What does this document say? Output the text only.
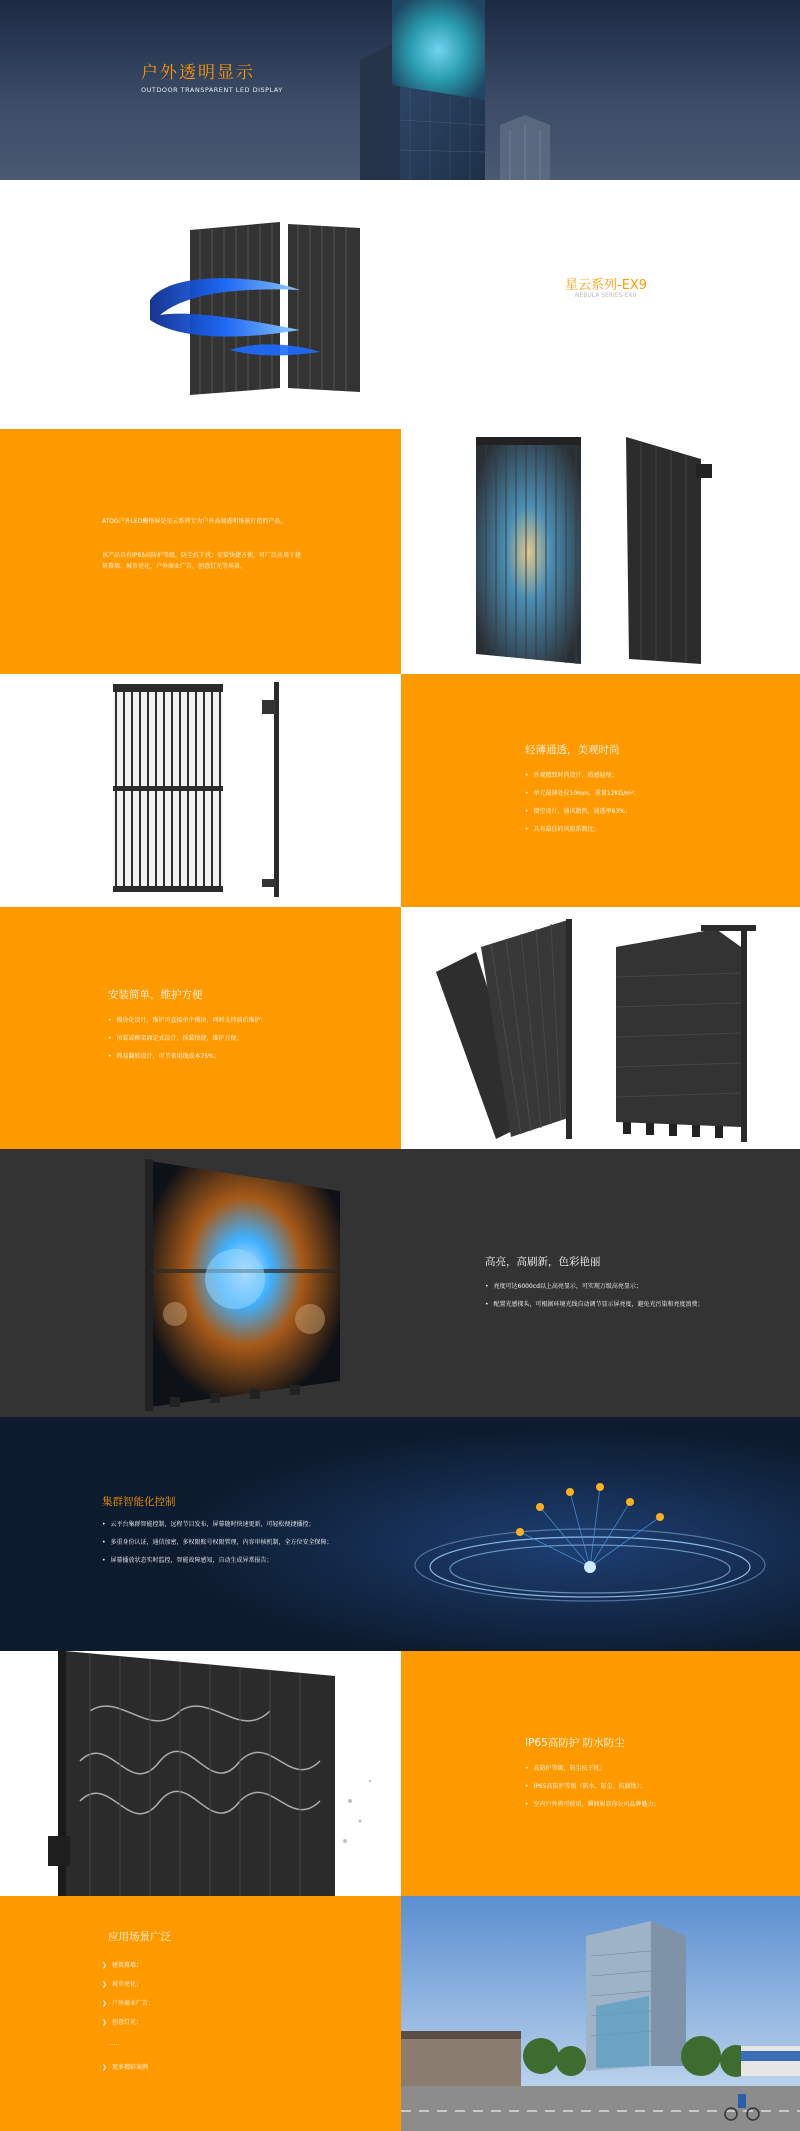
户外透明显示
OUTDOOR TRANSPARENT LED DISPLAY
星云系列-EX9
NEBULA SERIES-EX9

ATOG户外LED栅格屏是星云系列专为户外高端透明场景打造的产品。

该产品具有IP65高防护等级，防尘抗干扰；安装快捷方便，可广泛应用于建筑幕墙、城市亮化、户外商业广告、创意灯光等场景。

轻薄通透，美观时尚
• 外观精致时尚设计，质感轻便；
• 单元最薄处仅10mm，重量12KG/m²；
• 镂空设计，通风散热，通透率63%；
• 具有最佳的风阻系数比；
安装简单，维护方便
• 模块化设计，维护可直接单个模块，同时支持前后维护；
• 吊装或框架固定式设计，拆装快捷，维护方便；
• 简易翻转设计，可节省用线成本75%；
高亮，高刷新，色彩艳丽
• 亮度可达6000cd以上高亮显示，可实现万级高亮显示；
• 配置光感探头，可根据环境光线自动调节显示屏亮度，避免光污染和亮度浪费；
集群智能化控制
• 云平台集群智能控制，远程节目发布，屏幕随时快速更新，可轻松便捷播控；
• 多重身份认证，通信加密，多权限账号权限管理，内容审核机制，全方位安全保障；
• 屏幕播放状态实时监控，智能故障感知，自动生成异常报告；
IP65高防护 防水防尘
• 高防护等级，防尘抗干扰；
• IP65高防护等级（防水、防尘、抗腐蚀）；
• 室内户外皆可使用，瞬间彰显你公司品牌魅力；
应用场景广泛
❯ 建筑幕墙；
❯ 城市亮化；
❯ 户外商业广告；
❯ 创意灯光；
......
❯ 更多精彩案例
